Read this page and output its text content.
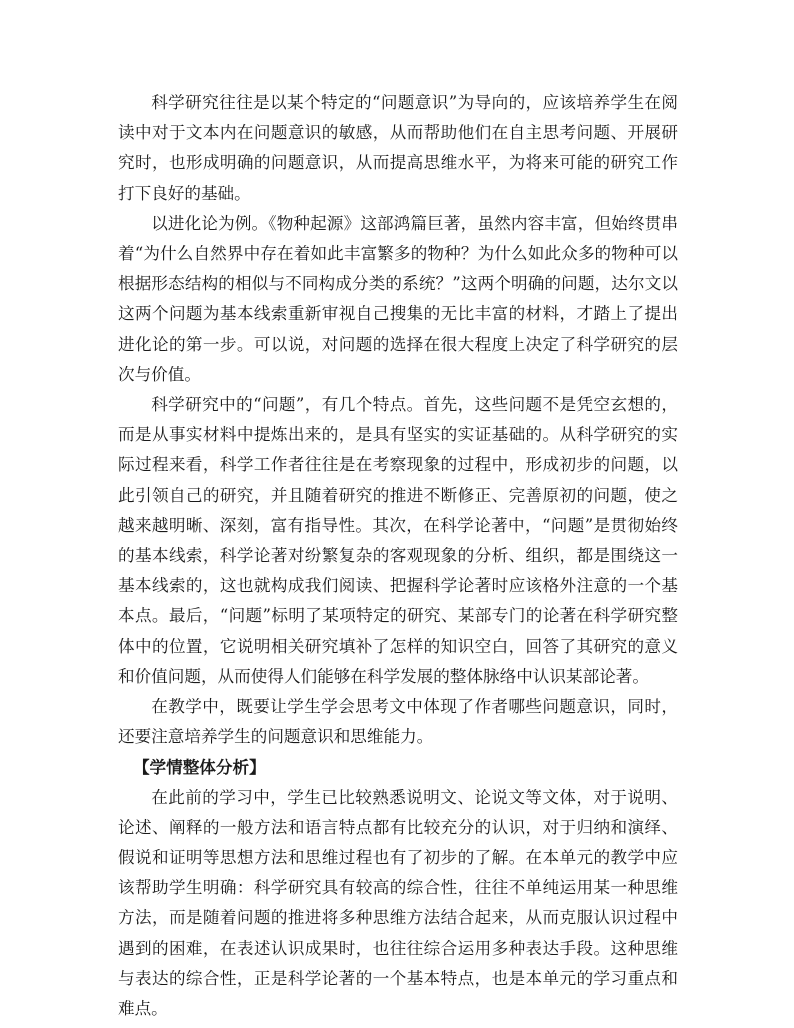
科学研究往往是以某个特定的“问题意识”为导向的，应该培养学生在阅读中对于文本内在问题意识的敏感，从而帮助他们在自主思考问题、开展研究时，也形成明确的问题意识，从而提高思维水平，为将来可能的研究工作打下良好的基础。

以进化论为例。《物种起源》这部鸿篇巨著，虽然内容丰富，但始终贯串着“为什么自然界中存在着如此丰富繁多的物种？为什么如此众多的物种可以根据形态结构的相似与不同构成分类的系统？”这两个明确的问题，达尔文以这两个问题为基本线索重新审视自己搜集的无比丰富的材料，才踏上了提出进化论的第一步。可以说，对问题的选择在很大程度上决定了科学研究的层次与价值。

科学研究中的“问题”，有几个特点。首先，这些问题不是凭空玄想的，而是从事实材料中提炼出来的，是具有坚实的实证基础的。从科学研究的实际过程来看，科学工作者往往是在考察现象的过程中，形成初步的问题，以此引领自己的研究，并且随着研究的推进不断修正、完善原初的问题，使之越来越明晰、深刻，富有指导性。其次，在科学论著中，“问题”是贯彻始终的基本线索，科学论著对纷繁复杂的客观现象的分析、组织，都是围绕这一基本线索的，这也就构成我们阅读、把握科学论著时应该格外注意的一个基本点。最后，“问题”标明了某项特定的研究、某部专门的论著在科学研究整体中的位置，它说明相关研究填补了怎样的知识空白，回答了其研究的意义和价值问题，从而使得人们能够在科学发展的整体脉络中认识某部论著。

在教学中，既要让学生学会思考文中体现了作者哪些问题意识，同时，还要注意培养学生的问题意识和思维能力。

【学情整体分析】

在此前的学习中，学生已比较熟悉说明文、论说文等文体，对于说明、论述、阐释的一般方法和语言特点都有比较充分的认识，对于归纳和演绎、假说和证明等思想方法和思维过程也有了初步的了解。在本单元的教学中应该帮助学生明确：科学研究具有较高的综合性，往往不单纯运用某一种思维方法，而是随着问题的推进将多种思维方法结合起来，从而克服认识过程中遇到的困难，在表述认识成果时，也往往综合运用多种表达手段。这种思维与表达的综合性，正是科学论著的一个基本特点，也是本单元的学习重点和难点。
